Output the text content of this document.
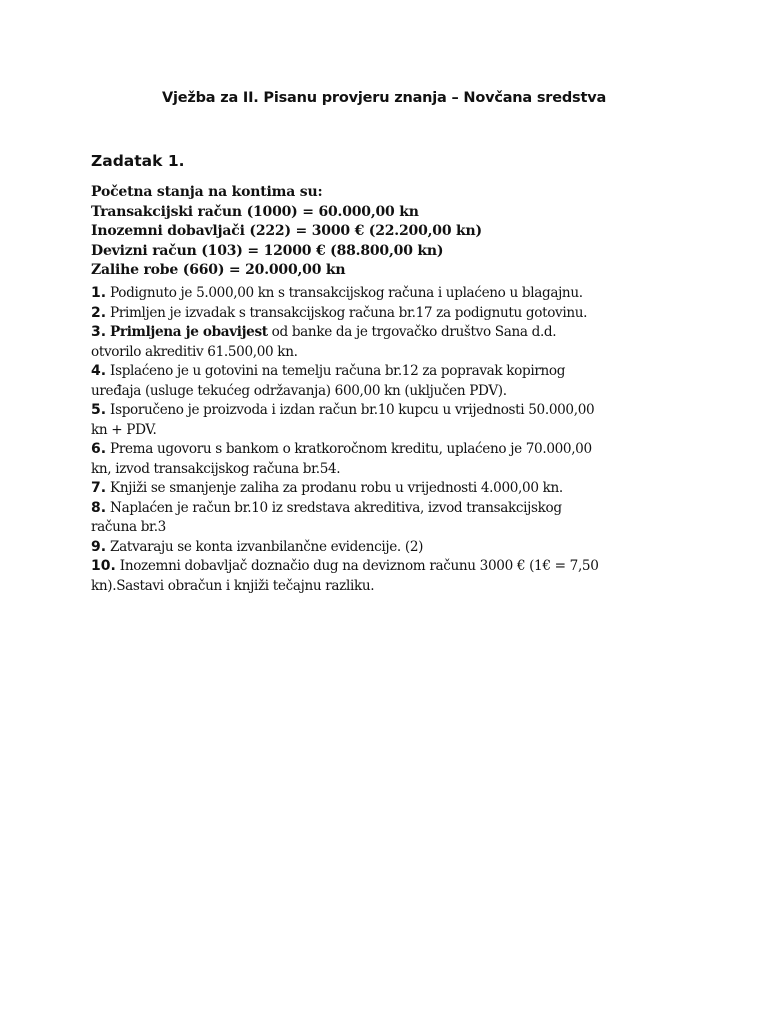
Vježba za II. Pisanu provjeru znanja – Novčana sredstva
Zadatak 1.
Početna stanja na kontima su:
Transakcijski račun (1000) = 60.000,00 kn
Inozemni dobavljači (222) = 3000 € (22.200,00 kn)
Devizni račun (103) = 12000 € (88.800,00 kn)
Zalihe robe (660) = 20.000,00 kn
1. Podignuto je 5.000,00 kn s transakcijskog računa i uplaćeno u blagajnu.
2. Primljen je izvadak s transakcijskog računa br.17 za podignutu gotovinu.
3. Primljena je obavijest od banke da je trgovačko društvo Sana d.d.
otvorilo akreditiv 61.500,00 kn.
4. Isplaćeno je u gotovini na temelju računa br.12 za popravak kopirnog
uređaja (usluge tekućeg održavanja) 600,00 kn (uključen PDV).
5. Isporučeno je proizvoda i izdan račun br.10 kupcu u vrijednosti 50.000,00
kn + PDV.
6. Prema ugovoru s bankom o kratkoročnom kreditu, uplaćeno je 70.000,00
kn, izvod transakcijskog računa br.54.
7. Knjiži se smanjenje zaliha za prodanu robu u vrijednosti 4.000,00 kn.
8. Naplaćen je račun br.10 iz sredstava akreditiva, izvod transakcijskog
računa br.3
9. Zatvaraju se konta izvanbilančne evidencije. (2)
10. Inozemni dobavljač doznačio dug na deviznom računu 3000 € (1€ = 7,50
kn).Sastavi obračun i knjiži tečajnu razliku.
